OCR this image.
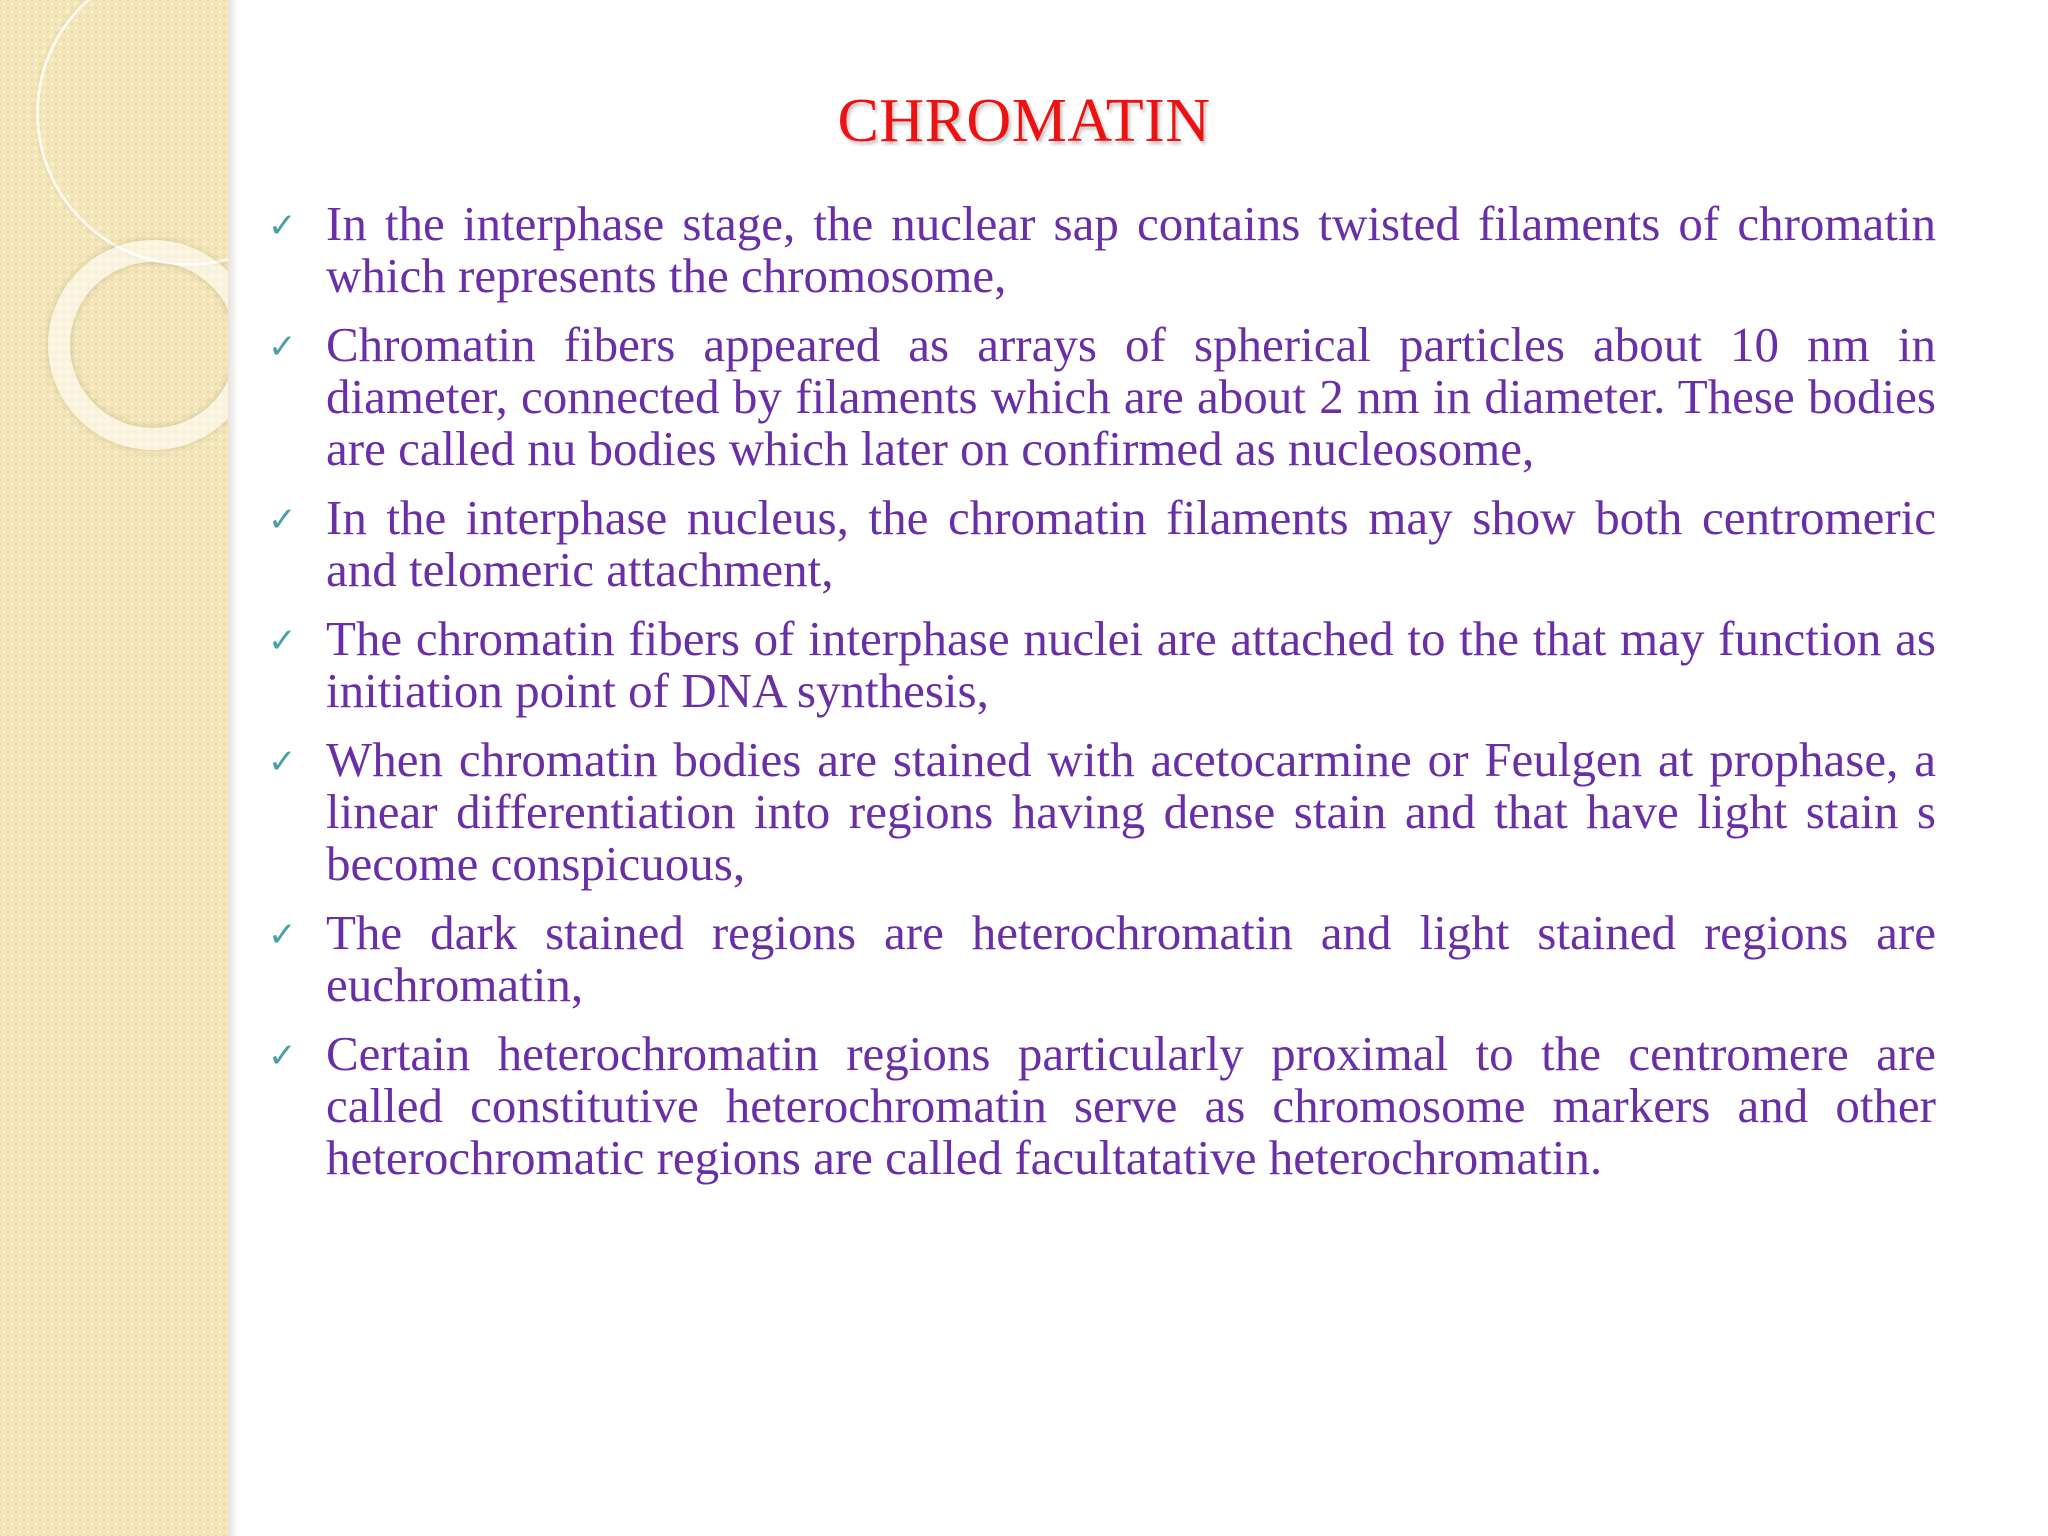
CHROMATIN
✓ In the interphase stage, the nuclear sap contains twisted filaments of chromatin which represents the chromosome,
✓ Chromatin fibers appeared as arrays of spherical particles about 10 nm in diameter, connected by filaments which are about 2 nm in diameter. These bodies are called nu bodies which later on confirmed as nucleosome,
✓ In the interphase nucleus, the chromatin filaments may show both centromeric and telomeric attachment,
✓ The chromatin fibers of interphase nuclei are attached to the that may function as initiation point of DNA synthesis,
✓ When chromatin bodies are stained with acetocarmine or Feulgen at prophase, a linear differentiation into regions having dense stain and that have light stain s become conspicuous,
✓ The dark stained regions are heterochromatin and light stained regions are euchromatin,
✓ Certain heterochromatin regions particularly proximal to the centromere are called constitutive heterochromatin serve as chromosome markers and other heterochromatic regions are called facultatative heterochromatin.
